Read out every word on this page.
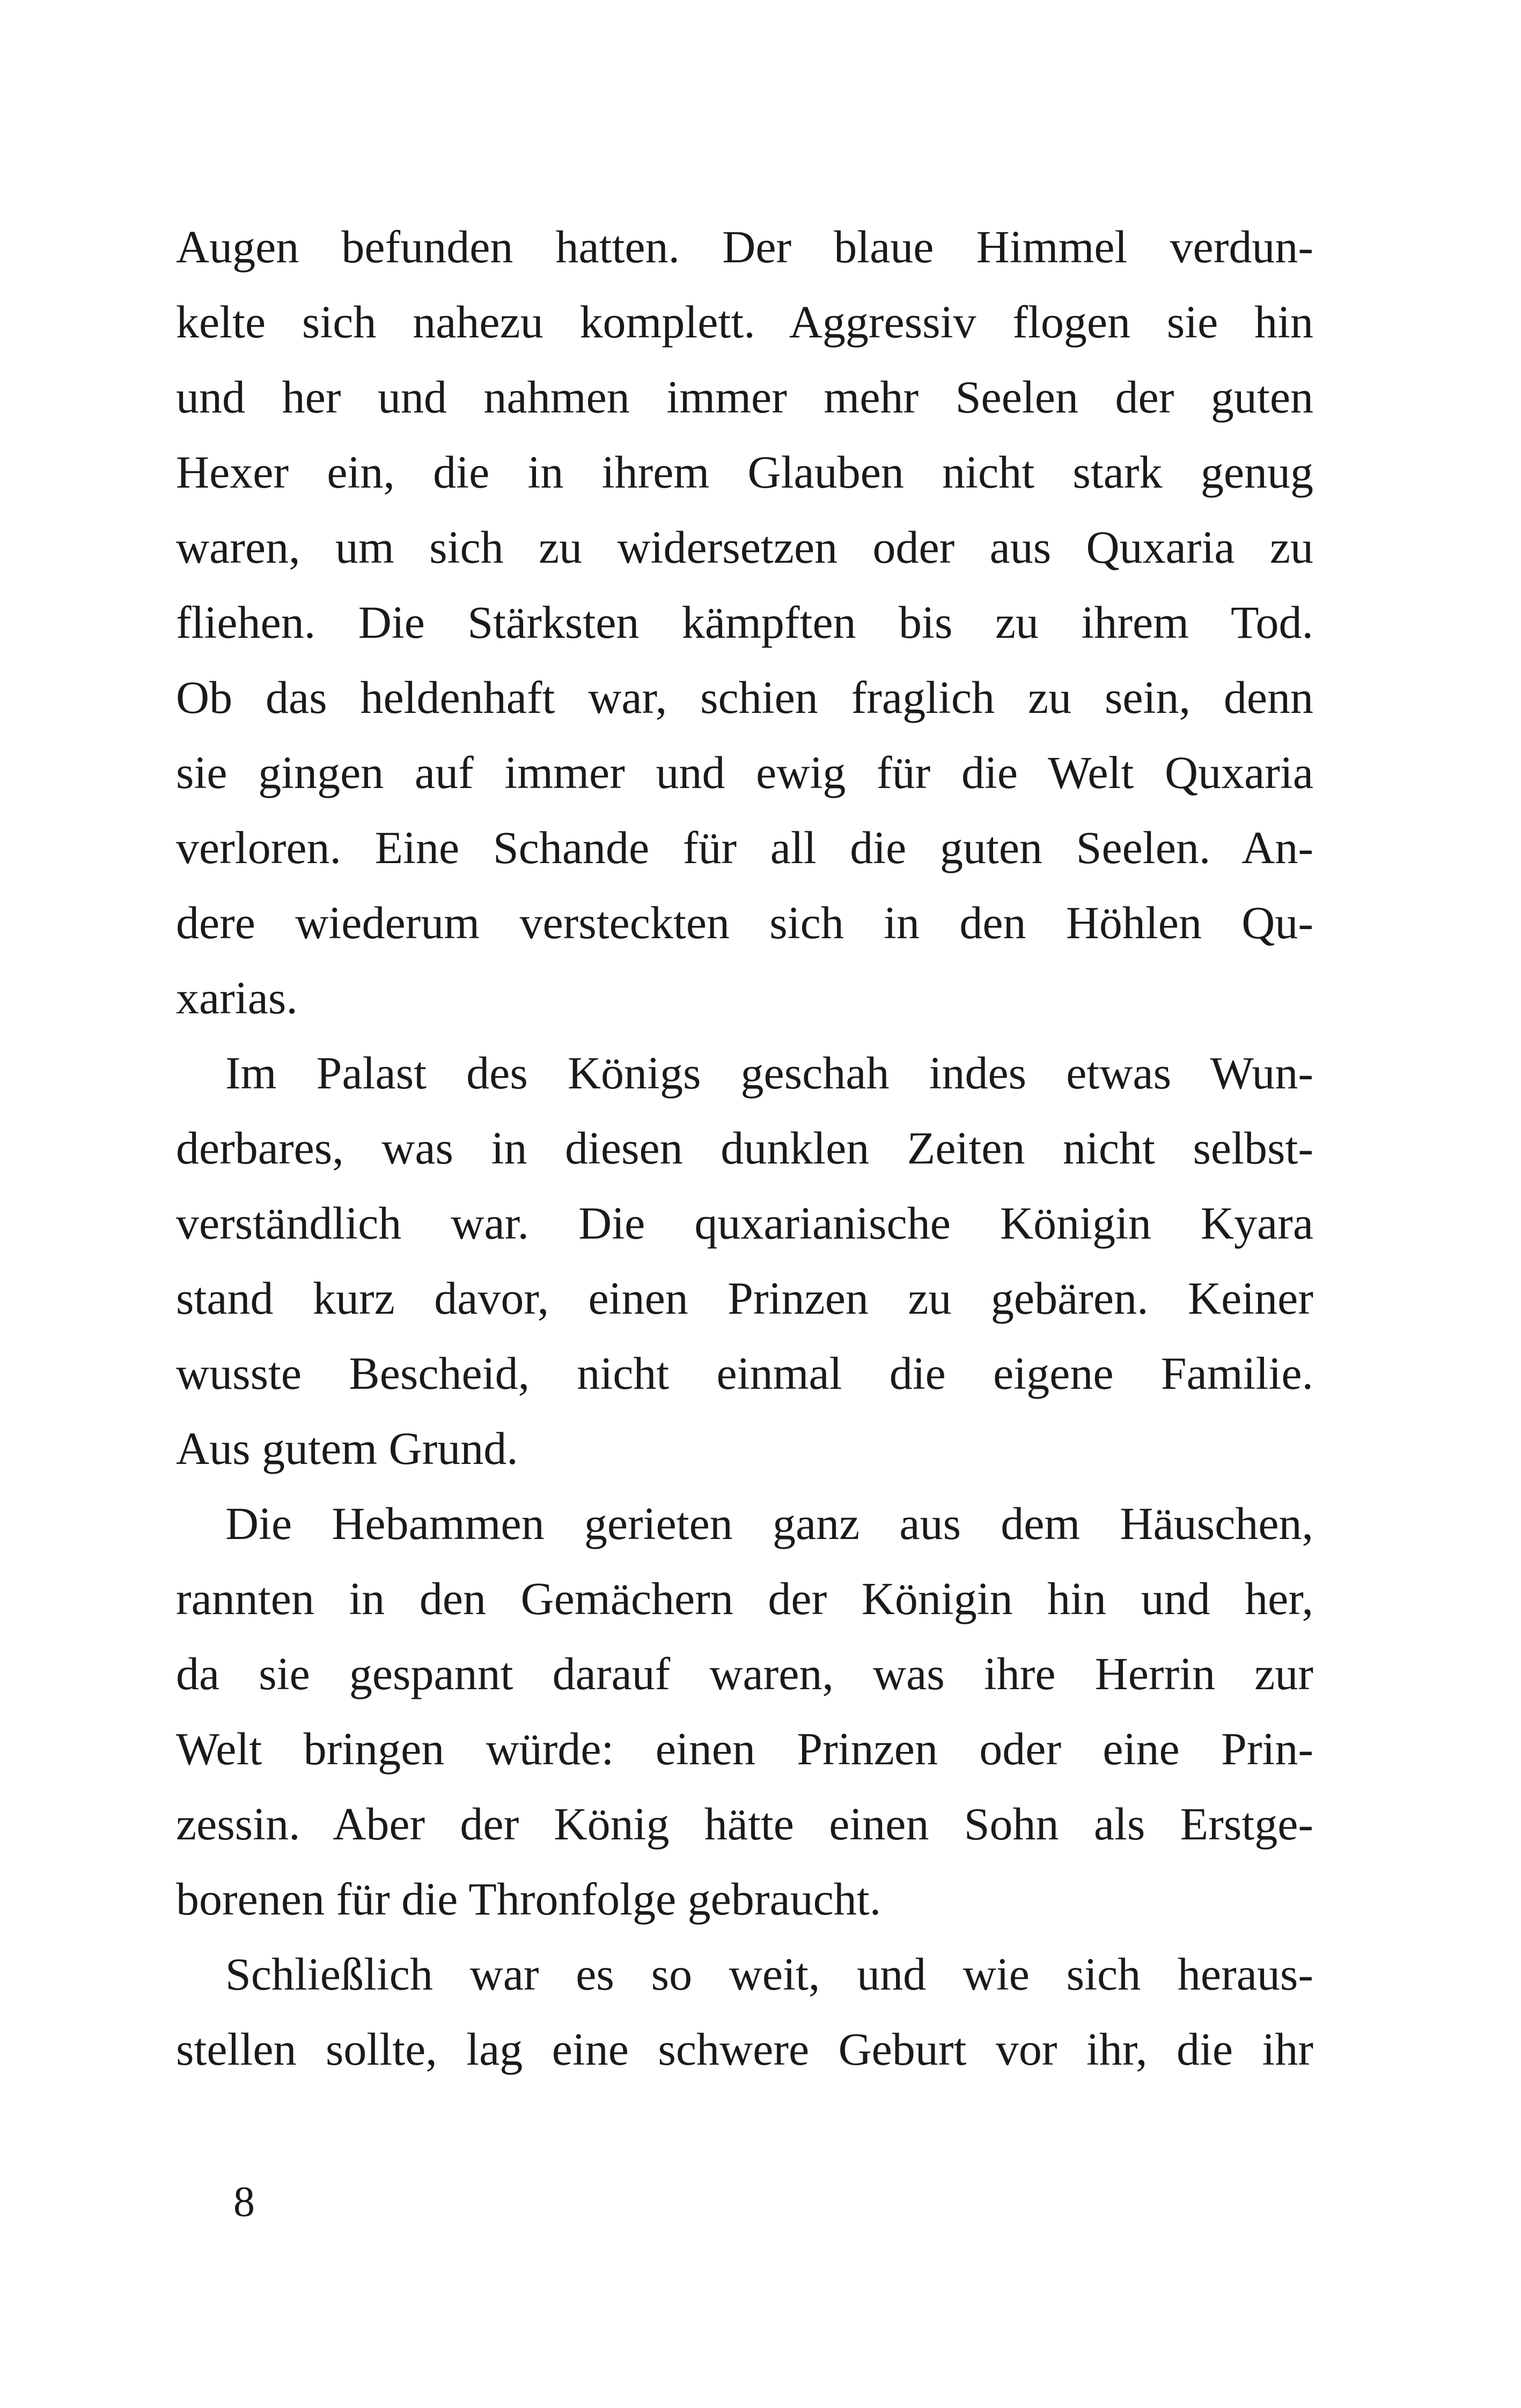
Augen befunden hatten. Der blaue Himmel verdun-
kelte sich nahezu komplett. Aggressiv flogen sie hin
und her und nahmen immer mehr Seelen der guten
Hexer ein, die in ihrem Glauben nicht stark genug
waren, um sich zu widersetzen oder aus Quxaria zu
fliehen. Die Stärksten kämpften bis zu ihrem Tod.
Ob das heldenhaft war, schien fraglich zu sein, denn
sie gingen auf immer und ewig für die Welt Quxaria
verloren. Eine Schande für all die guten Seelen. An-
dere wiederum versteckten sich in den Höhlen Qu-
xarias.
Im Palast des Königs geschah indes etwas Wun-
derbares, was in diesen dunklen Zeiten nicht selbst-
verständlich war. Die quxarianische Königin Kyara
stand kurz davor, einen Prinzen zu gebären. Keiner
wusste Bescheid, nicht einmal die eigene Familie.
Aus gutem Grund.
Die Hebammen gerieten ganz aus dem Häuschen,
rannten in den Gemächern der Königin hin und her,
da sie gespannt darauf waren, was ihre Herrin zur
Welt bringen würde: einen Prinzen oder eine Prin-
zessin. Aber der König hätte einen Sohn als Erstge-
borenen für die Thronfolge gebraucht.
Schließlich war es so weit, und wie sich heraus-
stellen sollte, lag eine schwere Geburt vor ihr, die ihr
8
